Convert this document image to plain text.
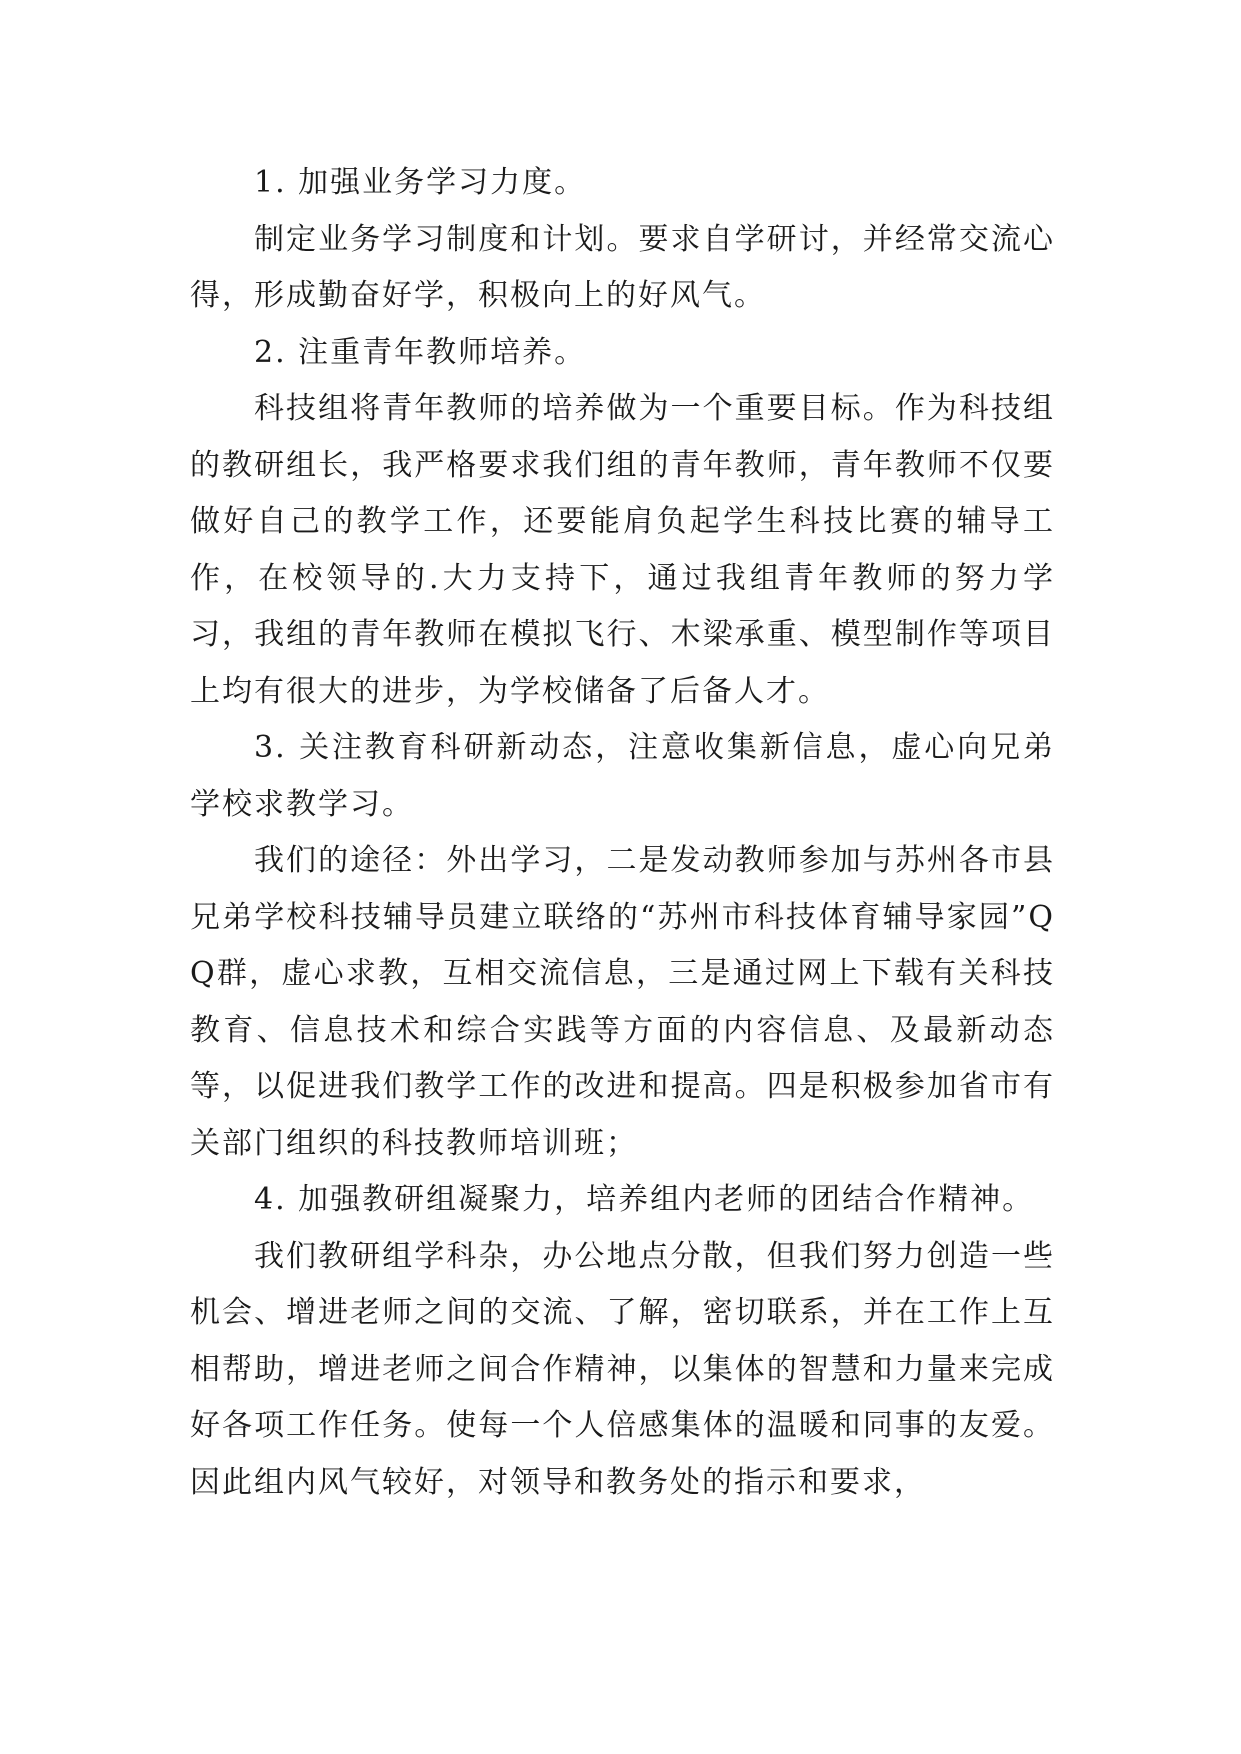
1. 加强业务学习力度。

制定业务学习制度和计划。要求自学研讨，并经常交流心得，形成勤奋好学，积极向上的好风气。

2. 注重青年教师培养。

科技组将青年教师的培养做为一个重要目标。作为科技组的教研组长，我严格要求我们组的青年教师，青年教师不仅要做好自己的教学工作，还要能肩负起学生科技比赛的辅导工作，在校领导的.大力支持下，通过我组青年教师的努力学习，我组的青年教师在模拟飞行、木梁承重、模型制作等项目上均有很大的进步，为学校储备了后备人才。

3. 关注教育科研新动态，注意收集新信息，虚心向兄弟学校求教学习。

我们的途径：外出学习，二是发动教师参加与苏州各市县兄弟学校科技辅导员建立联络的“苏州市科技体育辅导家园”QQ群，虚心求教，互相交流信息，三是通过网上下载有关科技教育、信息技术和综合实践等方面的内容信息、及最新动态等，以促进我们教学工作的改进和提高。四是积极参加省市有关部门组织的科技教师培训班；

4. 加强教研组凝聚力，培养组内老师的团结合作精神。

我们教研组学科杂，办公地点分散，但我们努力创造一些机会、增进老师之间的交流、了解，密切联系，并在工作上互相帮助，增进老师之间合作精神，以集体的智慧和力量来完成好各项工作任务。使每一个人倍感集体的温暖和同事的友爱。因此组内风气较好，对领导和教务处的指示和要求，
